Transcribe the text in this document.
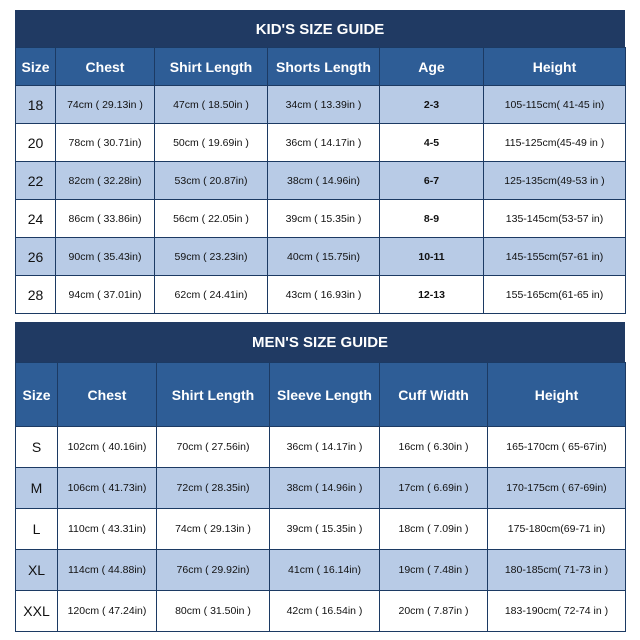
KID'S SIZE GUIDE
Size	Chest	Shirt Length	Shorts Length	Age	Height
18	74cm ( 29.13in )	47cm ( 18.50in )	34cm ( 13.39in )	2-3	105-115cm( 41-45 in)
20	78cm ( 30.71in)	50cm ( 19.69in )	36cm ( 14.17in )	4-5	115-125cm(45-49 in )
22	82cm ( 32.28in)	53cm ( 20.87in)	38cm ( 14.96in)	6-7	125-135cm(49-53 in )
24	86cm ( 33.86in)	56cm ( 22.05in )	39cm ( 15.35in )	8-9	135-145cm(53-57 in)
26	90cm ( 35.43in)	59cm ( 23.23in)	40cm ( 15.75in)	10-11	145-155cm(57-61 in)
28	94cm ( 37.01in)	62cm ( 24.41in)	43cm ( 16.93in )	12-13	155-165cm(61-65 in)
MEN'S SIZE GUIDE
Size	Chest	Shirt Length	Sleeve Length	Cuff Width	Height
S	102cm ( 40.16in)	70cm ( 27.56in)	36cm ( 14.17in )	16cm ( 6.30in )	165-170cm ( 65-67in)
M	106cm ( 41.73in)	72cm ( 28.35in)	38cm ( 14.96in )	17cm ( 6.69in )	170-175cm ( 67-69in)
L	110cm ( 43.31in)	74cm ( 29.13in )	39cm ( 15.35in )	18cm ( 7.09in )	175-180cm(69-71 in)
XL	114cm ( 44.88in)	76cm ( 29.92in)	41cm ( 16.14in)	19cm ( 7.48in )	180-185cm( 71-73 in )
XXL	120cm ( 47.24in)	80cm ( 31.50in )	42cm ( 16.54in )	20cm ( 7.87in )	183-190cm( 72-74 in )
